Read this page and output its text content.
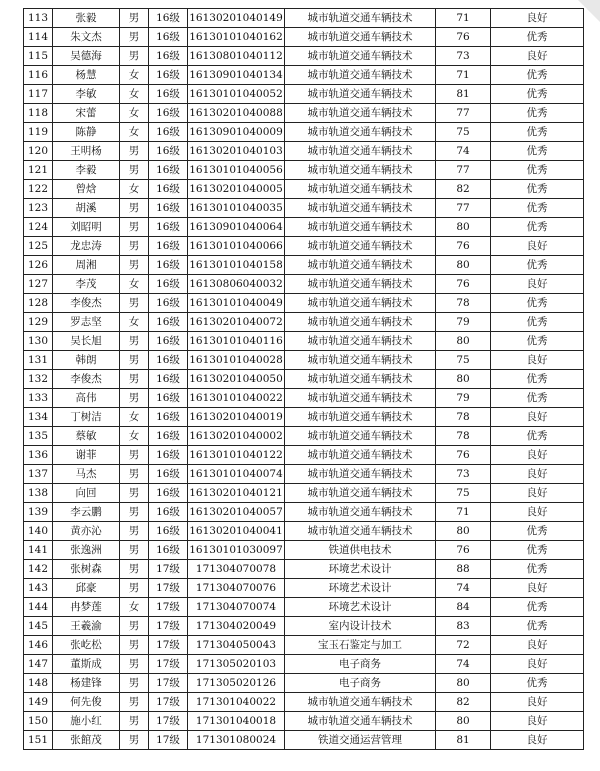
113	张毅	男	16级	16130201040149	城市轨道交通车辆技术	71	良好
114	朱文杰	男	16级	16130101040162	城市轨道交通车辆技术	76	优秀
115	吴德海	男	16级	16130801040112	城市轨道交通车辆技术	73	良好
116	杨慧	女	16级	16130901040134	城市轨道交通车辆技术	71	优秀
117	李敏	女	16级	16130101040052	城市轨道交通车辆技术	81	优秀
118	宋蕾	女	16级	16130201040088	城市轨道交通车辆技术	77	优秀
119	陈静	女	16级	16130901040009	城市轨道交通车辆技术	75	优秀
120	王明杨	男	16级	16130201040103	城市轨道交通车辆技术	74	优秀
121	李毅	男	16级	16130101040056	城市轨道交通车辆技术	77	优秀
122	曾焓	女	16级	16130201040005	城市轨道交通车辆技术	82	优秀
123	胡溪	男	16级	16130101040035	城市轨道交通车辆技术	77	优秀
124	刘昭明	男	16级	16130901040064	城市轨道交通车辆技术	80	优秀
125	龙忠涛	男	16级	16130101040066	城市轨道交通车辆技术	76	良好
126	周湘	男	16级	16130101040158	城市轨道交通车辆技术	80	优秀
127	李茂	女	16级	16130806040032	城市轨道交通车辆技术	76	良好
128	李俊杰	男	16级	16130101040049	城市轨道交通车辆技术	78	优秀
129	罗志坚	女	16级	16130201040072	城市轨道交通车辆技术	79	优秀
130	吴长旭	男	16级	16130101040116	城市轨道交通车辆技术	80	优秀
131	韩朗	男	16级	16130101040028	城市轨道交通车辆技术	75	良好
132	李俊杰	男	16级	16130201040050	城市轨道交通车辆技术	80	优秀
133	高伟	男	16级	16130101040022	城市轨道交通车辆技术	79	优秀
134	丁树洁	女	16级	16130201040019	城市轨道交通车辆技术	78	良好
135	蔡敏	女	16级	16130201040002	城市轨道交通车辆技术	78	优秀
136	谢菲	男	16级	16130101040122	城市轨道交通车辆技术	76	良好
137	马杰	男	16级	16130101040074	城市轨道交通车辆技术	73	良好
138	向回	男	16级	16130201040121	城市轨道交通车辆技术	75	良好
139	李云鹏	男	16级	16130201040057	城市轨道交通车辆技术	71	良好
140	黄亦沁	男	16级	16130201040041	城市轨道交通车辆技术	80	优秀
141	张逸洲	男	16级	16130101030097	铁道供电技术	76	优秀
142	张树森	男	17级	171304070078	环境艺术设计	88	优秀
143	邱豪	男	17级	171304070076	环境艺术设计	74	良好
144	冉梦莲	女	17级	171304070074	环境艺术设计	84	优秀
145	王羲渝	男	17级	171304020049	室内设计技术	83	优秀
146	张屹松	男	17级	171304050043	宝玉石鉴定与加工	72	良好
147	董斯成	男	17级	171305020103	电子商务	74	良好
148	杨建锋	男	17级	171305020126	电子商务	80	优秀
149	何先俊	男	17级	171301040022	城市轨道交通车辆技术	82	良好
150	施小红	男	17级	171301040018	城市轨道交通车辆技术	80	良好
151	张館茂	男	17级	171301080024	铁道交通运营管理	81	良好
